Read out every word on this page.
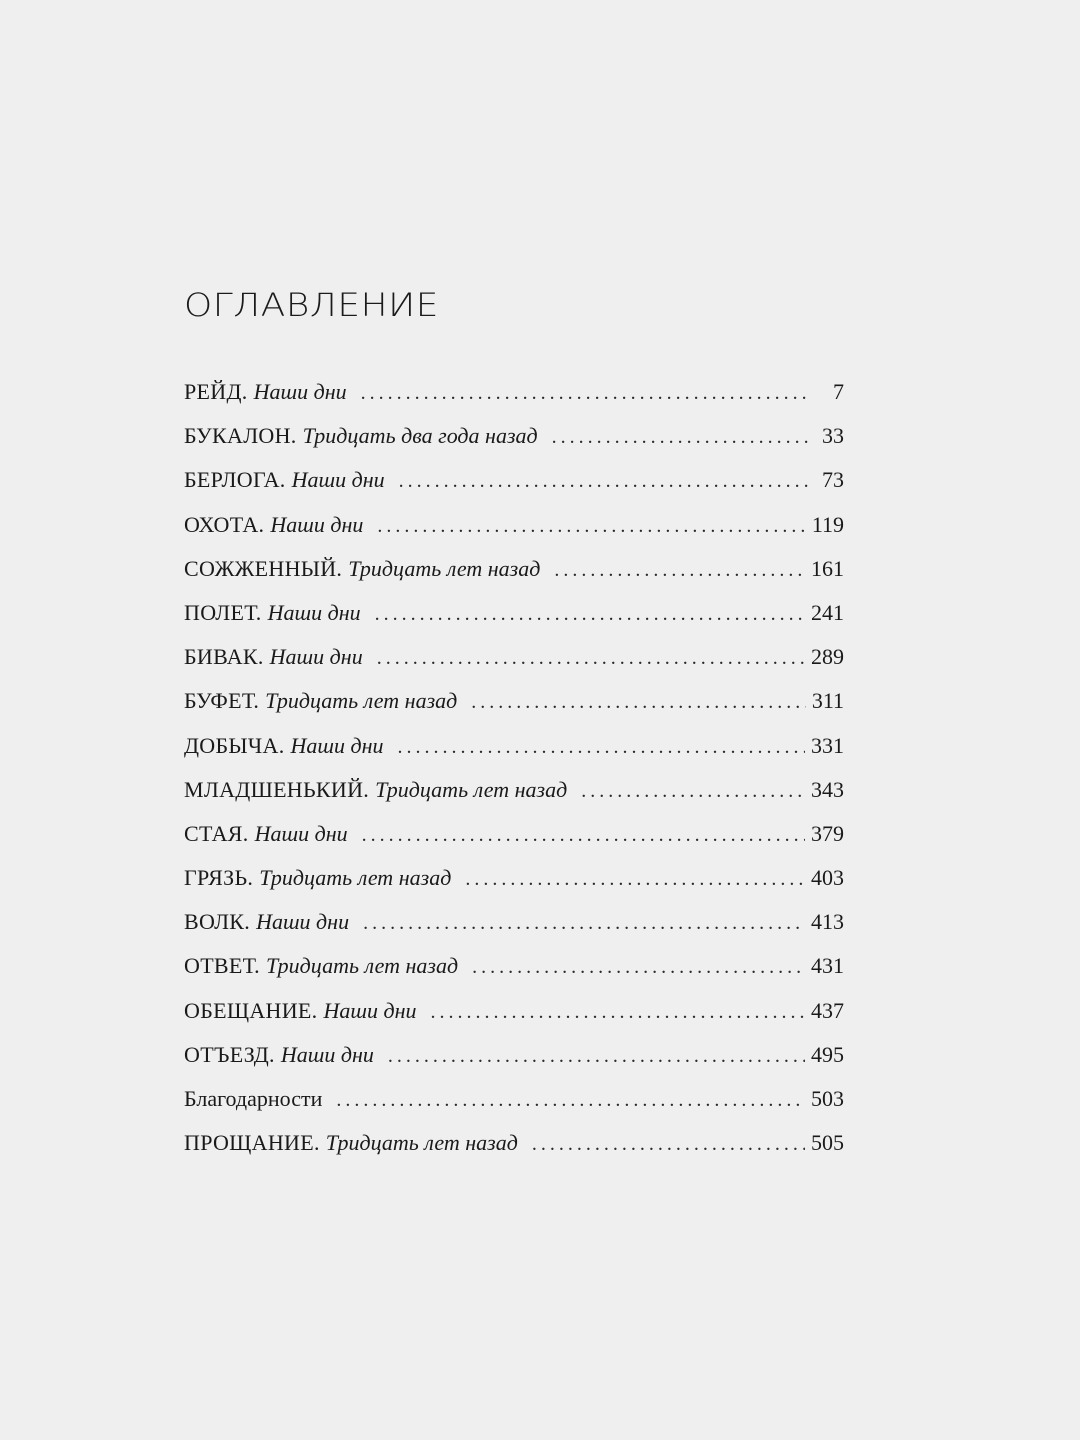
ОГЛАВЛЕНИЕ
РЕЙД. Наши дни . . .	7
БУКАЛОН. Тридцать два года назад . . .	33
БЕРЛОГА. Наши дни . . .	73
ОХОТА. Наши дни . . .	119
СОЖЖЕННЫЙ. Тридцать лет назад . . .	161
ПОЛЕТ. Наши дни . . .	241
БИВАК. Наши дни . . .	289
БУФЕТ. Тридцать лет назад . . .	311
ДОБЫЧА. Наши дни . . .	331
МЛАДШЕНЬКИЙ. Тридцать лет назад . . .	343
СТАЯ. Наши дни . . .	379
ГРЯЗЬ. Тридцать лет назад . . .	403
ВОЛК. Наши дни . . .	413
ОТВЕТ. Тридцать лет назад . . .	431
ОБЕЩАНИЕ. Наши дни . . .	437
ОТЪЕЗД. Наши дни . . .	495
Благодарности . . .	503
ПРОЩАНИЕ. Тридцать лет назад . . .	505
